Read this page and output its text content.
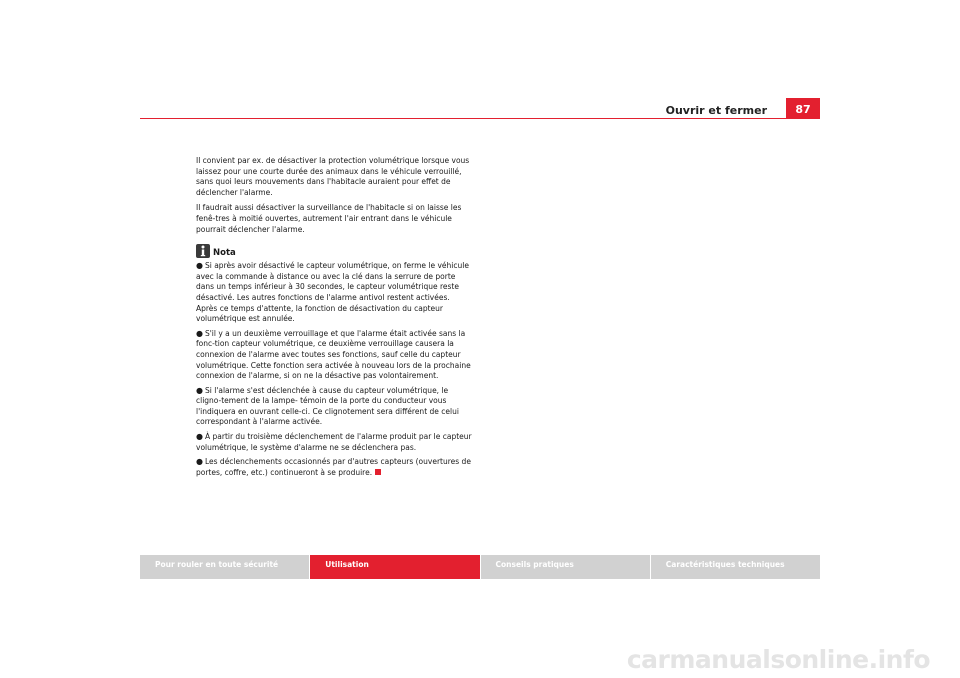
Ouvrir et fermer	87

Il convient par ex. de désactiver la protection volumétrique lorsque vous laissez pour une courte durée des animaux dans le véhicule verrouillé, sans quoi leurs mouvements dans l'habitacle auraient pour effet de déclencher l'alarme.

Il faudrait aussi désactiver la surveillance de l'habitacle si on laisse les fenê-tres à moitié ouvertes, autrement l'air entrant dans le véhicule pourrait déclencher l'alarme.

Nota
● Si après avoir désactivé le capteur volumétrique, on ferme le véhicule avec la commande à distance ou avec la clé dans la serrure de porte dans un temps inférieur à 30 secondes, le capteur volumétrique reste désactivé. Les autres fonctions de l'alarme antivol restent activées. Après ce temps d'attente, la fonction de désactivation du capteur volumétrique est annulée.
● S'il y a un deuxième verrouillage et que l'alarme était activée sans la fonc-tion capteur volumétrique, ce deuxième verrouillage causera la connexion de l'alarme avec toutes ses fonctions, sauf celle du capteur volumétrique. Cette fonction sera activée à nouveau lors de la prochaine connexion de l'alarme, si on ne la désactive pas volontairement.
● Si l'alarme s'est déclenchée à cause du capteur volumétrique, le cligno-tement de la lampe- témoin de la porte du conducteur vous l'indiquera en ouvrant celle-ci. Ce clignotement sera différent de celui correspondant à l'alarme activée.
● À partir du troisième déclenchement de l'alarme produit par le capteur volumétrique, le système d'alarme ne se déclenchera pas.
● Les déclenchements occasionnés par d'autres capteurs (ouvertures de portes, coffre, etc.) continueront à se produire.
Pour rouler en toute sécurité	Utilisation	Conseils pratiques	Caractéristiques techniques
carmanualsonline.info
